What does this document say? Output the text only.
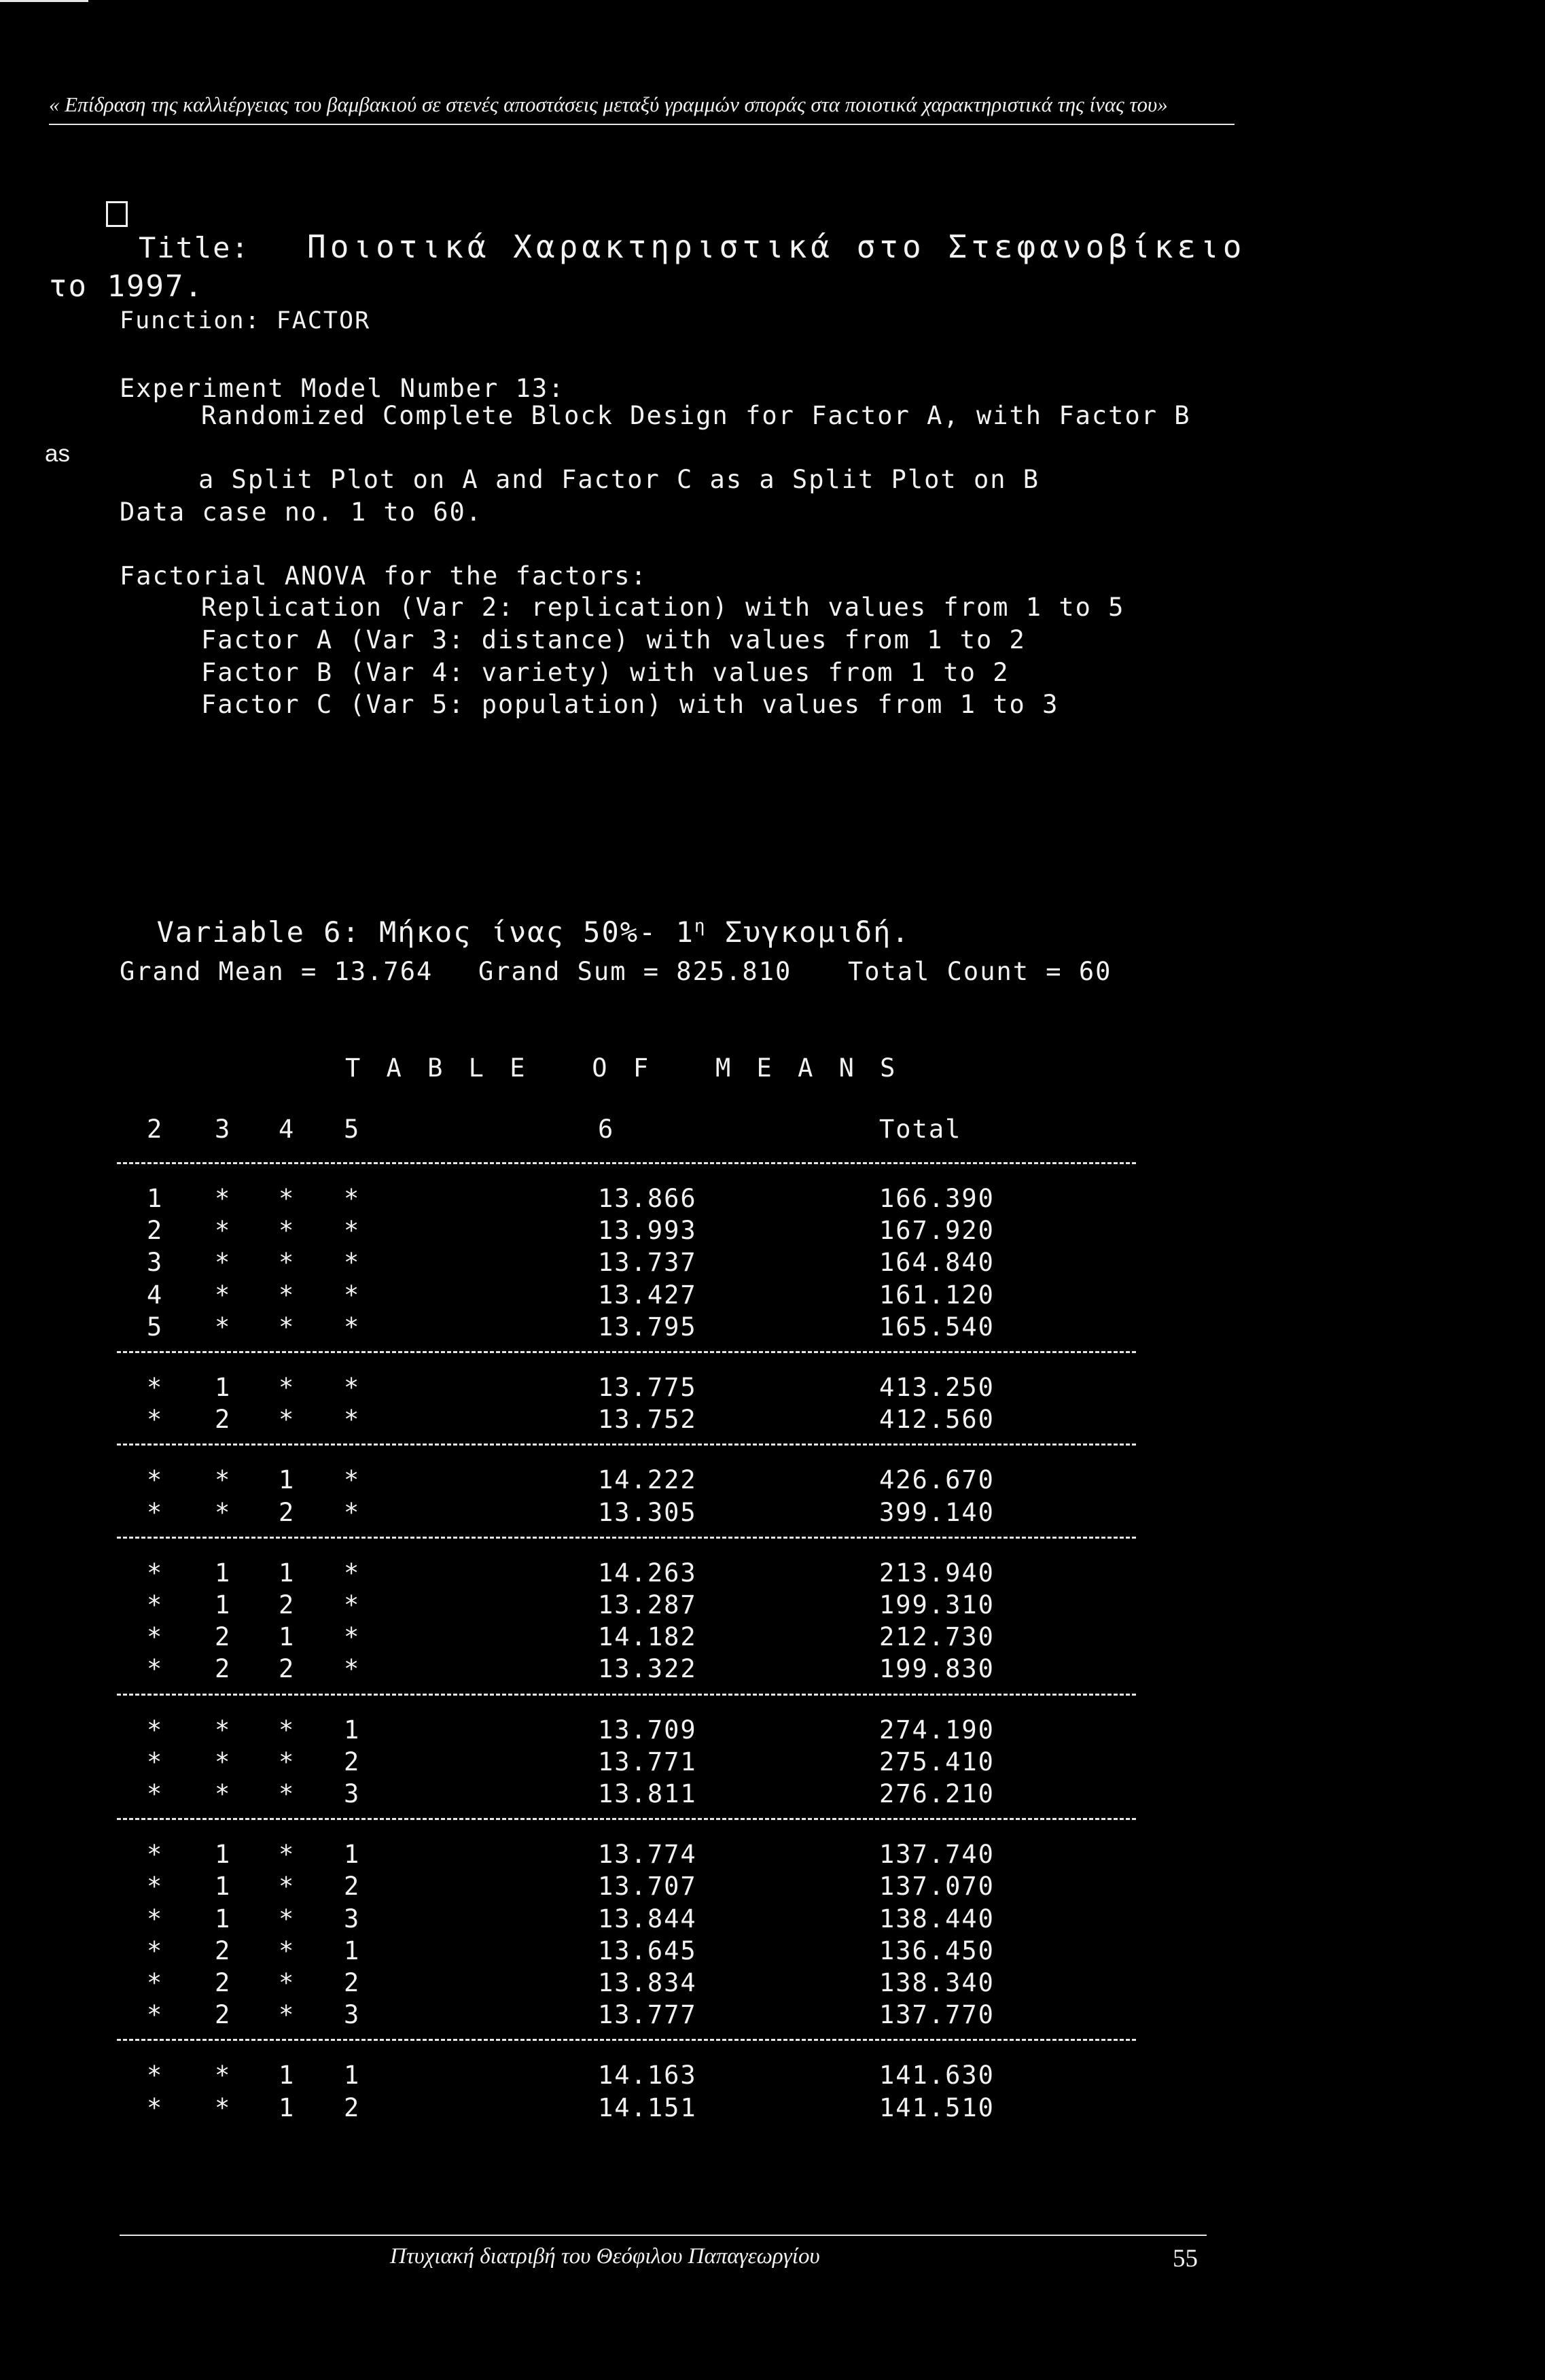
« Επίδραση της καλλιέργειας του βαμβακιού σε στενές αποστάσεις μεταξύ γραμμών σποράς στα ποιοτικά χαρακτηριστικά της ίνας του»
Title: Ποιοτικά Χαρακτηριστικά στο Στεφανοβίκειο
το 1997.
Function: FACTOR
Experiment Model Number 13:
Randomized Complete Block Design for Factor A, with Factor B
as
a Split Plot on A and Factor C as a Split Plot on B
Data case no. 1 to 60.
Factorial ANOVA for the factors:
Replication (Var 2: replication) with values from 1 to 5
Factor A (Var 3: distance) with values from 1 to 2
Factor B (Var 4: variety) with values from 1 to 2
Factor C (Var 5: population) with values from 1 to 3

Variable 6: Μήκος ίνας 50%- $1^\eta$ Συγκομιδή.

Grand Mean = 13.764 Grand Sum = 825.810 Total Count = 60
T A B L E   O F   M E A N S
2 3 4 5	6	Total
1 * * *	13.866	166.390
2 * * *	13.993	167.920
3 * * *	13.737	164.840
4 * * *	13.427	161.120
5 * * *	13.795	165.540
* 1 * *	13.775	413.250
* 2 * *	13.752	412.560
* * 1 *	14.222	426.670
* * 2 *	13.305	399.140
* 1 1 *	14.263	213.940
* 1 2 *	13.287	199.310
* 2 1 *	14.182	212.730
* 2 2 *	13.322	199.830
* * * 1	13.709	274.190
* * * 2	13.771	275.410
* * * 3	13.811	276.210
* 1 * 1	13.774	137.740
* 1 * 2	13.707	137.070
* 1 * 3	13.844	138.440
* 2 * 1	13.645	136.450
* 2 * 2	13.834	138.340
* 2 * 3	13.777	137.770
* * 1 1	14.163	141.630
* * 1 2	14.151	141.510
Πτυχιακή διατριβή του Θεόφιλου Παπαγεωργίου	55
